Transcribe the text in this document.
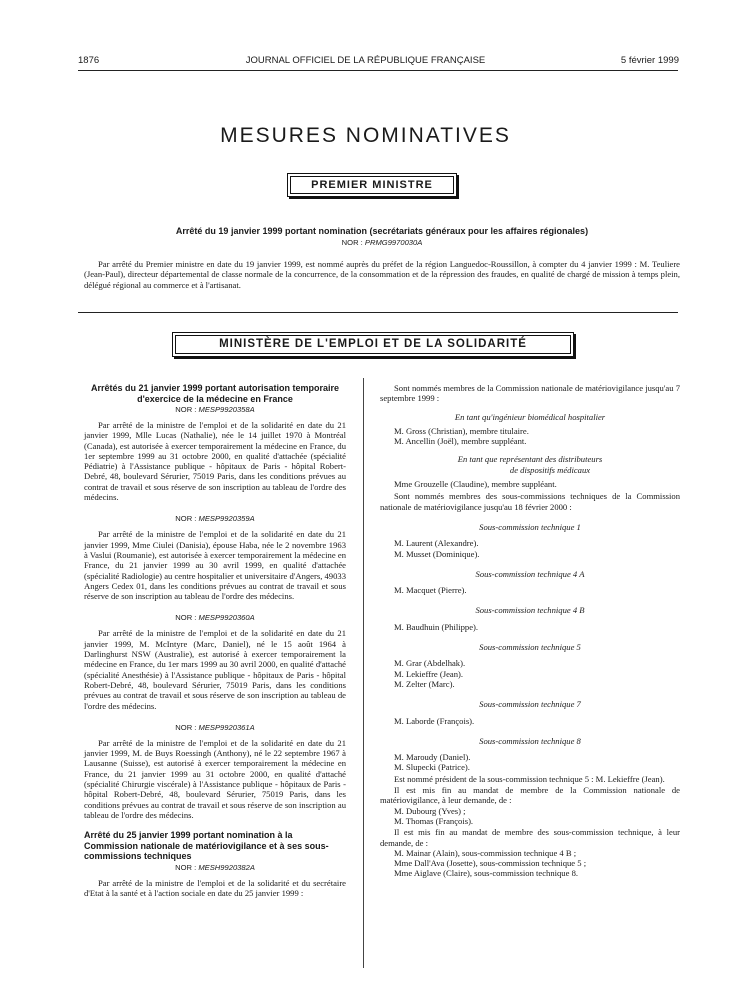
1876	JOURNAL OFFICIEL DE LA RÉPUBLIQUE FRANÇAISE	5 février 1999
MESURES NOMINATIVES
PREMIER MINISTRE
Arrêté du 19 janvier 1999 portant nomination (secrétariats généraux pour les affaires régionales)
NOR : PRMG9970030A

Par arrêté du Premier ministre en date du 19 janvier 1999, est nommé auprès du préfet de la région Languedoc-Roussillon, à compter du 4 janvier 1999 : M. Teuliere (Jean-Paul), directeur départemental de classe normale de la concurrence, de la consommation et de la répression des fraudes, en qualité de chargé de mission à temps plein, délégué régional au commerce et à l'artisanat.

MINISTÈRE DE L'EMPLOI ET DE LA SOLIDARITÉ
Arrêtés du 21 janvier 1999 portant autorisation temporaire d'exercice de la médecine en France
NOR : MESP9920358A

Par arrêté de la ministre de l'emploi et de la solidarité en date du 21 janvier 1999, Mlle Lucas (Nathalie), née le 14 juillet 1970 à Montréal (Canada), est autorisée à exercer temporairement la médecine en France, du 1er septembre 1999 au 31 octobre 2000, en qualité d'attachée (spécialité Pédiatrie) à l'Assistance publique - hôpitaux de Paris - hôpital Robert-Debré, 48, boulevard Sérurier, 75019 Paris, dans les conditions prévues au contrat de travail et sous réserve de son inscription au tableau de l'ordre des médecins.

NOR : MESP9920359A

Par arrêté de la ministre de l'emploi et de la solidarité en date du 21 janvier 1999, Mme Ciulei (Danisia), épouse Haba, née le 2 novembre 1963 à Vaslui (Roumanie), est autorisée à exercer temporairement la médecine en France, du 21 janvier 1999 au 30 avril 1999, en qualité d'attachée (spécialité Radiologie) au centre hospitalier et universitaire d'Angers, 49033 Angers Cedex 01, dans les conditions prévues au contrat de travail et sous réserve de son inscription au tableau de l'ordre des médecins.

NOR : MESP9920360A

Par arrêté de la ministre de l'emploi et de la solidarité en date du 21 janvier 1999, M. McIntyre (Marc, Daniel), né le 15 août 1964 à Darlinghurst NSW (Australie), est autorisé à exercer temporairement la médecine en France, du 1er mars 1999 au 30 avril 2000, en qualité d'attaché (spécialité Anesthésie) à l'Assistance publique - hôpitaux de Paris - hôpital Robert-Debré, 48, boulevard Sérurier, 75019 Paris, dans les conditions prévues au contrat de travail et sous réserve de son inscription au tableau de l'ordre des médecins.

NOR : MESP9920361A

Par arrêté de la ministre de l'emploi et de la solidarité en date du 21 janvier 1999, M. de Buys Roessingh (Anthony), né le 22 septembre 1967 à Lausanne (Suisse), est autorisé à exercer temporairement la médecine en France, du 21 janvier 1999 au 31 octobre 2000, en qualité d'attaché (spécialité Chirurgie viscérale) à l'Assistance publique - hôpitaux de Paris - hôpital Robert-Debré, 48, boulevard Sérurier, 75019 Paris, dans les conditions prévues au contrat de travail et sous réserve de son inscription au tableau de l'ordre des médecins.

Arrêté du 25 janvier 1999 portant nomination à la Commission nationale de matériovigilance et à ses sous-commissions techniques
NOR : MESH9920382A

Par arrêté de la ministre de l'emploi et de la solidarité et du secrétaire d'Etat à la santé et à l'action sociale en date du 25 janvier 1999 :

Sont nommés membres de la Commission nationale de matériovigilance jusqu'au 7 septembre 1999 :

En tant qu'ingénieur biomédical hospitalier
M. Gross (Christian), membre titulaire.
M. Ancellin (Joël), membre suppléant.
En tant que représentant des distributeurs
de dispositifs médicaux
Mme Grouzelle (Claudine), membre suppléant.

Sont nommés membres des sous-commissions techniques de la Commission nationale de matériovigilance jusqu'au 18 février 2000 :

Sous-commission technique 1
M. Laurent (Alexandre).
M. Musset (Dominique).
Sous-commission technique 4 A
M. Macquet (Pierre).
Sous-commission technique 4 B
M. Baudhuin (Philippe).
Sous-commission technique 5
M. Grar (Abdelhak).
M. Lekieffre (Jean).
M. Zelter (Marc).
Sous-commission technique 7
M. Laborde (François).
Sous-commission technique 8
M. Maroudy (Daniel).
M. Slupecki (Patrice).

Est nommé président de la sous-commission technique 5 : M. Lekieffre (Jean).

Il est mis fin au mandat de membre de la Commission nationale de matériovigilance, à leur demande, de :

M. Dubourg (Yves) ;
M. Thomas (François).

Il est mis fin au mandat de membre des sous-commission technique, à leur demande, de :

M. Mainar (Alain), sous-commission technique 4 B ;
Mme Dall'Ava (Josette), sous-commission technique 5 ;
Mme Aiglave (Claire), sous-commission technique 8.
